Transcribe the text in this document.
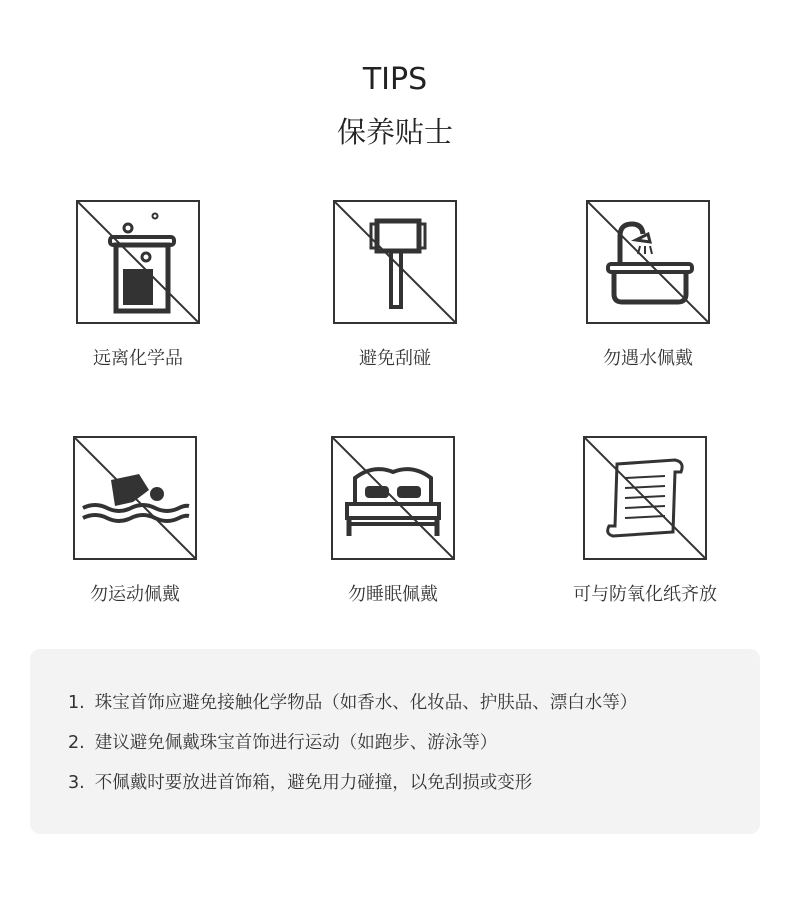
TIPS
保养贴士
远离化学品	避免刮碰	勿遇水佩戴
勿运动佩戴	勿睡眠佩戴	可与防氧化纸齐放
1. 珠宝首饰应避免接触化学物品（如香水、化妆品、护肤品、漂白水等）
2. 建议避免佩戴珠宝首饰进行运动（如跑步、游泳等）
3. 不佩戴时要放进首饰箱，避免用力碰撞，以免刮损或变形
